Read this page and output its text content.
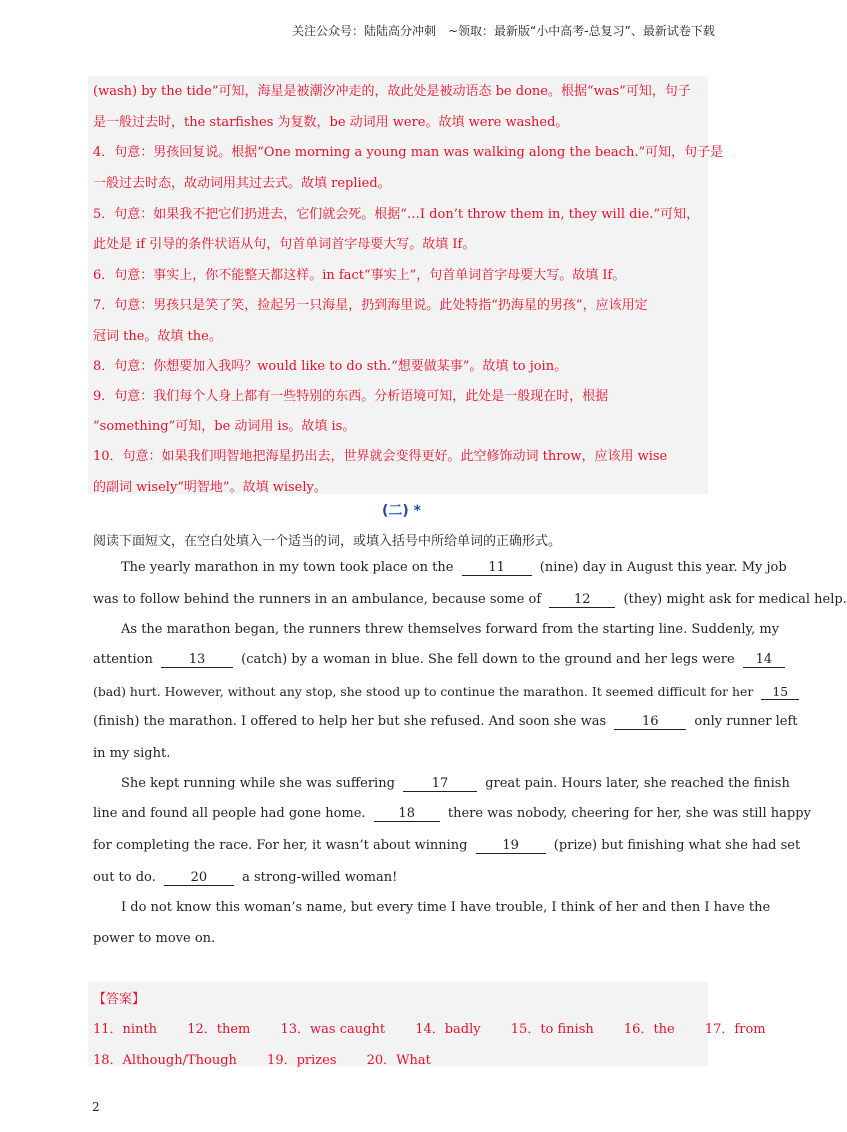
关注公众号：陆陆高分冲刺　~领取：最新版“小中高考-总复习”、最新试卷下载
(wash) by the tide”可知，海星是被潮汐冲走的，故此处是被动语态 be done。根据“was”可知，句子
是一般过去时，the starfishes 为复数，be 动词用 were。故填 were washed。
4．句意：男孩回复说。根据“One morning a young man was walking along the beach.”可知，句子是
一般过去时态，故动词用其过去式。故填 replied。
5．句意：如果我不把它们扔进去，它们就会死。根据“…I don’t throw them in, they will die.”可知，
此处是 if 引导的条件状语从句，句首单词首字母要大写。故填 If。
6．句意：事实上，你不能整天都这样。in fact“事实上”，句首单词首字母要大写。故填 If。
7．句意：男孩只是笑了笑，捡起另一只海星，扔到海里说。此处特指“扔海星的男孩”，应该用定
冠词 the。故填 the。
8．句意：你想要加入我吗？would like to do sth.“想要做某事”。故填 to join。
9．句意：我们每个人身上都有一些特别的东西。分析语境可知，此处是一般现在时，根据
“something”可知，be 动词用 is。故填 is。
10．句意：如果我们明智地把海星扔出去，世界就会变得更好。此空修饰动词 throw，应该用 wise
的副词 wisely“明智地”。故填 wisely。
(二) *
阅读下面短文，在空白处填入一个适当的词，或填入括号中所给单词的正确形式。
The yearly marathon in my town took place on the	11	(nine) day in August this year. My job
was to follow behind the runners in an ambulance, because some of	12	(they) might ask for medical help.
As the marathon began, the runners threw themselves forward from the starting line. Suddenly, my
attention	13	(catch) by a woman in blue. She fell down to the ground and her legs were 14
(bad) hurt. However, without any stop, she stood up to continue the marathon. It seemed difficult for her 15
(finish) the marathon. I offered to help her but she refused. And soon she was	16	only runner left
in my sight.
She kept running while she was suffering	17	great pain. Hours later, she reached the finish
line and found all people had gone home.	18	there was nobody, cheering for her, she was still happy
for completing the race. For her, it wasn’t about winning	19	(prize) but finishing what she had set
out to do.	20	a strong-willed woman!
I do not know this woman’s name, but every time I have trouble, I think of her and then I have the
power to move on.
【答案】
11．ninth 12．them 13．was caught 14．badly 15．to finish 16．the 17．from
18．Although/Though 19．prizes 20．What
2
